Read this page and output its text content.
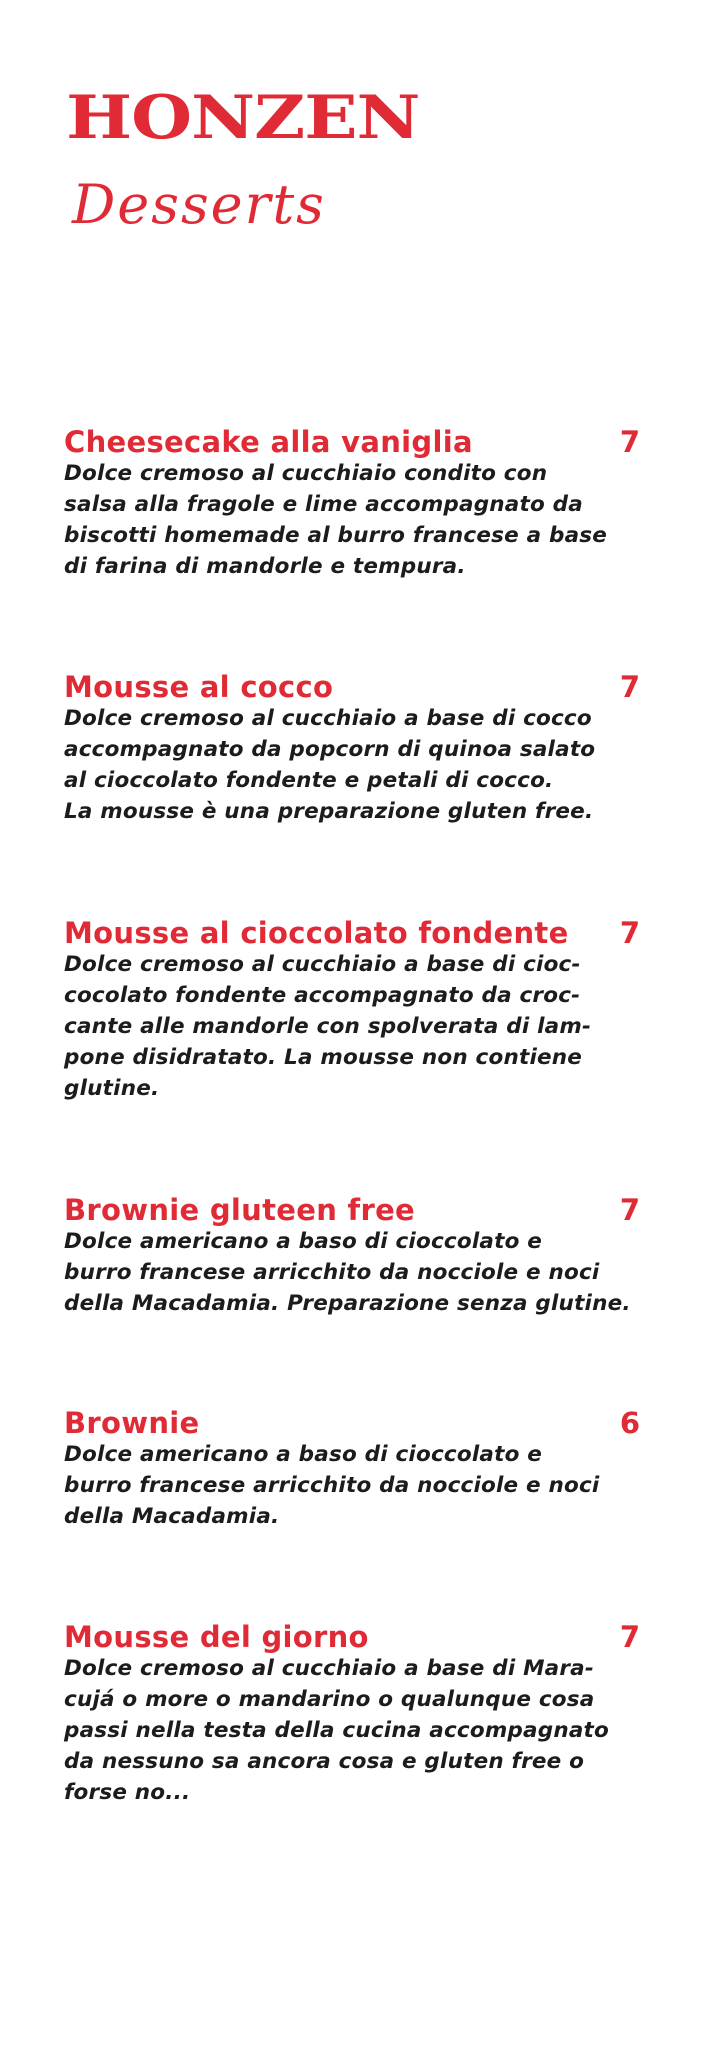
HONZEN
Desserts
Cheesecake alla vaniglia	7
Dolce cremoso al cucchiaio condito con
salsa alla fragole e lime accompagnato da
biscotti homemade al burro francese a base
di farina di mandorle e tempura.
Mousse al cocco	7
Dolce cremoso al cucchiaio a base di cocco
accompagnato da popcorn di quinoa salato
al cioccolato fondente e petali di cocco.
La mousse è una preparazione gluten free.
Mousse al cioccolato fondente 7
Dolce cremoso al cucchiaio a base di cioc-
cocolato fondente accompagnato da croc-
cante alle mandorle con spolverata di lam-
pone disidratato. La mousse non contiene
glutine.
Brownie gluteen free	7
Dolce americano a baso di cioccolato e
burro francese arricchito da nocciole e noci
della Macadamia. Preparazione senza glutine.
Brownie	6
Dolce americano a baso di cioccolato e
burro francese arricchito da nocciole e noci
della Macadamia.
Mousse del giorno	7
Dolce cremoso al cucchiaio a base di Mara-
cujá o more o mandarino o qualunque cosa
passi nella testa della cucina accompagnato
da nessuno sa ancora cosa e gluten free o
forse no...
